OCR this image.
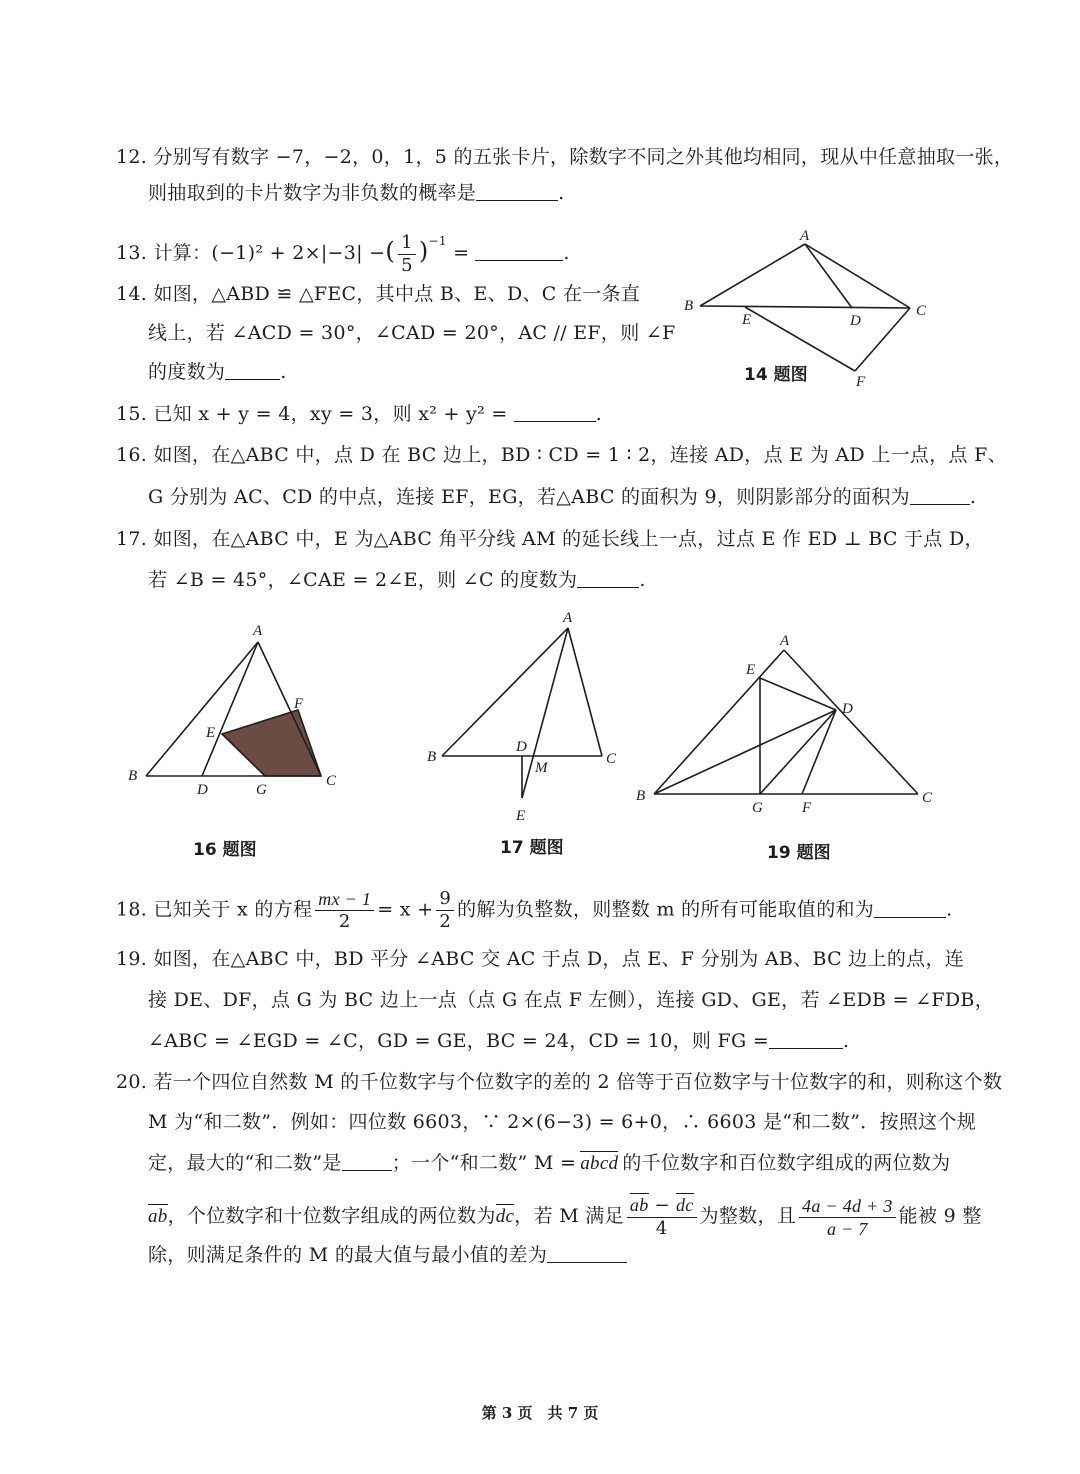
12. 分别写有数字 −7，−2，0，1，5 的五张卡片，除数字不同之外其他均相同，现从中任意抽取一张，
则抽取到的卡片数字为非负数的概率是	.
13. 计算：(−1)² + 2×|−3| −( $\frac{1}{5} )^{-1}$ =	.
14. 如图，△ABD ≌ △FEC，其中点 B、E、D、C 在一条直
线上，若 ∠ACD = 30°，∠CAD = 20°，AC // EF，则 ∠F
的度数为	.
A
B
E	D
C
F
14 题图
15. 已知 x + y = 4，xy = 3，则 x² + y² =	.
16. 如图，在△ABC 中，点 D 在 BC 边上，BD ∶ CD = 1 ∶ 2，连接 AD，点 E 为 AD 上一点，点 F、
G 分别为 AC、CD 的中点，连接 EF，EG，若△ABC 的面积为 9，则阴影部分的面积为	.
17. 如图，在△ABC 中，E 为△ABC 角平分线 AM 的延长线上一点，过点 E 作 ED ⊥ BC 于点 D，
若 ∠B = 45°，∠CAE = 2∠E，则 ∠C 的度数为	.
A
F
E
B
D	G
C
16 题图
A
B
D
M
C
E
17 题图
A
E
D
B
G	F
C
19 题图
18. 已知关于 x 的方程 $\frac{mx - 1}{2} = x + \frac{9}{2}$ 的解为负整数，则整数 m 的所有可能取值的和为	.
19. 如图，在△ABC 中，BD 平分 ∠ABC 交 AC 于点 D，点 E、F 分别为 AB、BC 边上的点，连
接 DE、DF，点 G 为 BC 边上一点（点 G 在点 F 左侧），连接 GD、GE，若 ∠EDB = ∠FDB，
∠ABC = ∠EGD = ∠C，GD = GE，BC = 24，CD = 10，则 FG =	.
20. 若一个四位自然数 M 的千位数字与个位数字的差的 2 倍等于百位数字与十位数字的和，则称这个数
M 为“和二数”．例如：四位数 6603，∵ 2×(6−3) = 6+0，∴ 6603 是“和二数”．按照这个规
定，最大的“和二数”是	；一个“和二数” M = abcd 的千位数字和百位数字组成的两位数为
ab，个位数字和十位数字组成的两位数为dc，若 M 满足 $\frac{ab - dc}{4}$ 为整数，且 $\frac{4a - 4d + 3}{a - 7}$ 能被 9 整
除，则满足条件的 M 的最大值与最小值的差为
第 3 页　共 7 页
